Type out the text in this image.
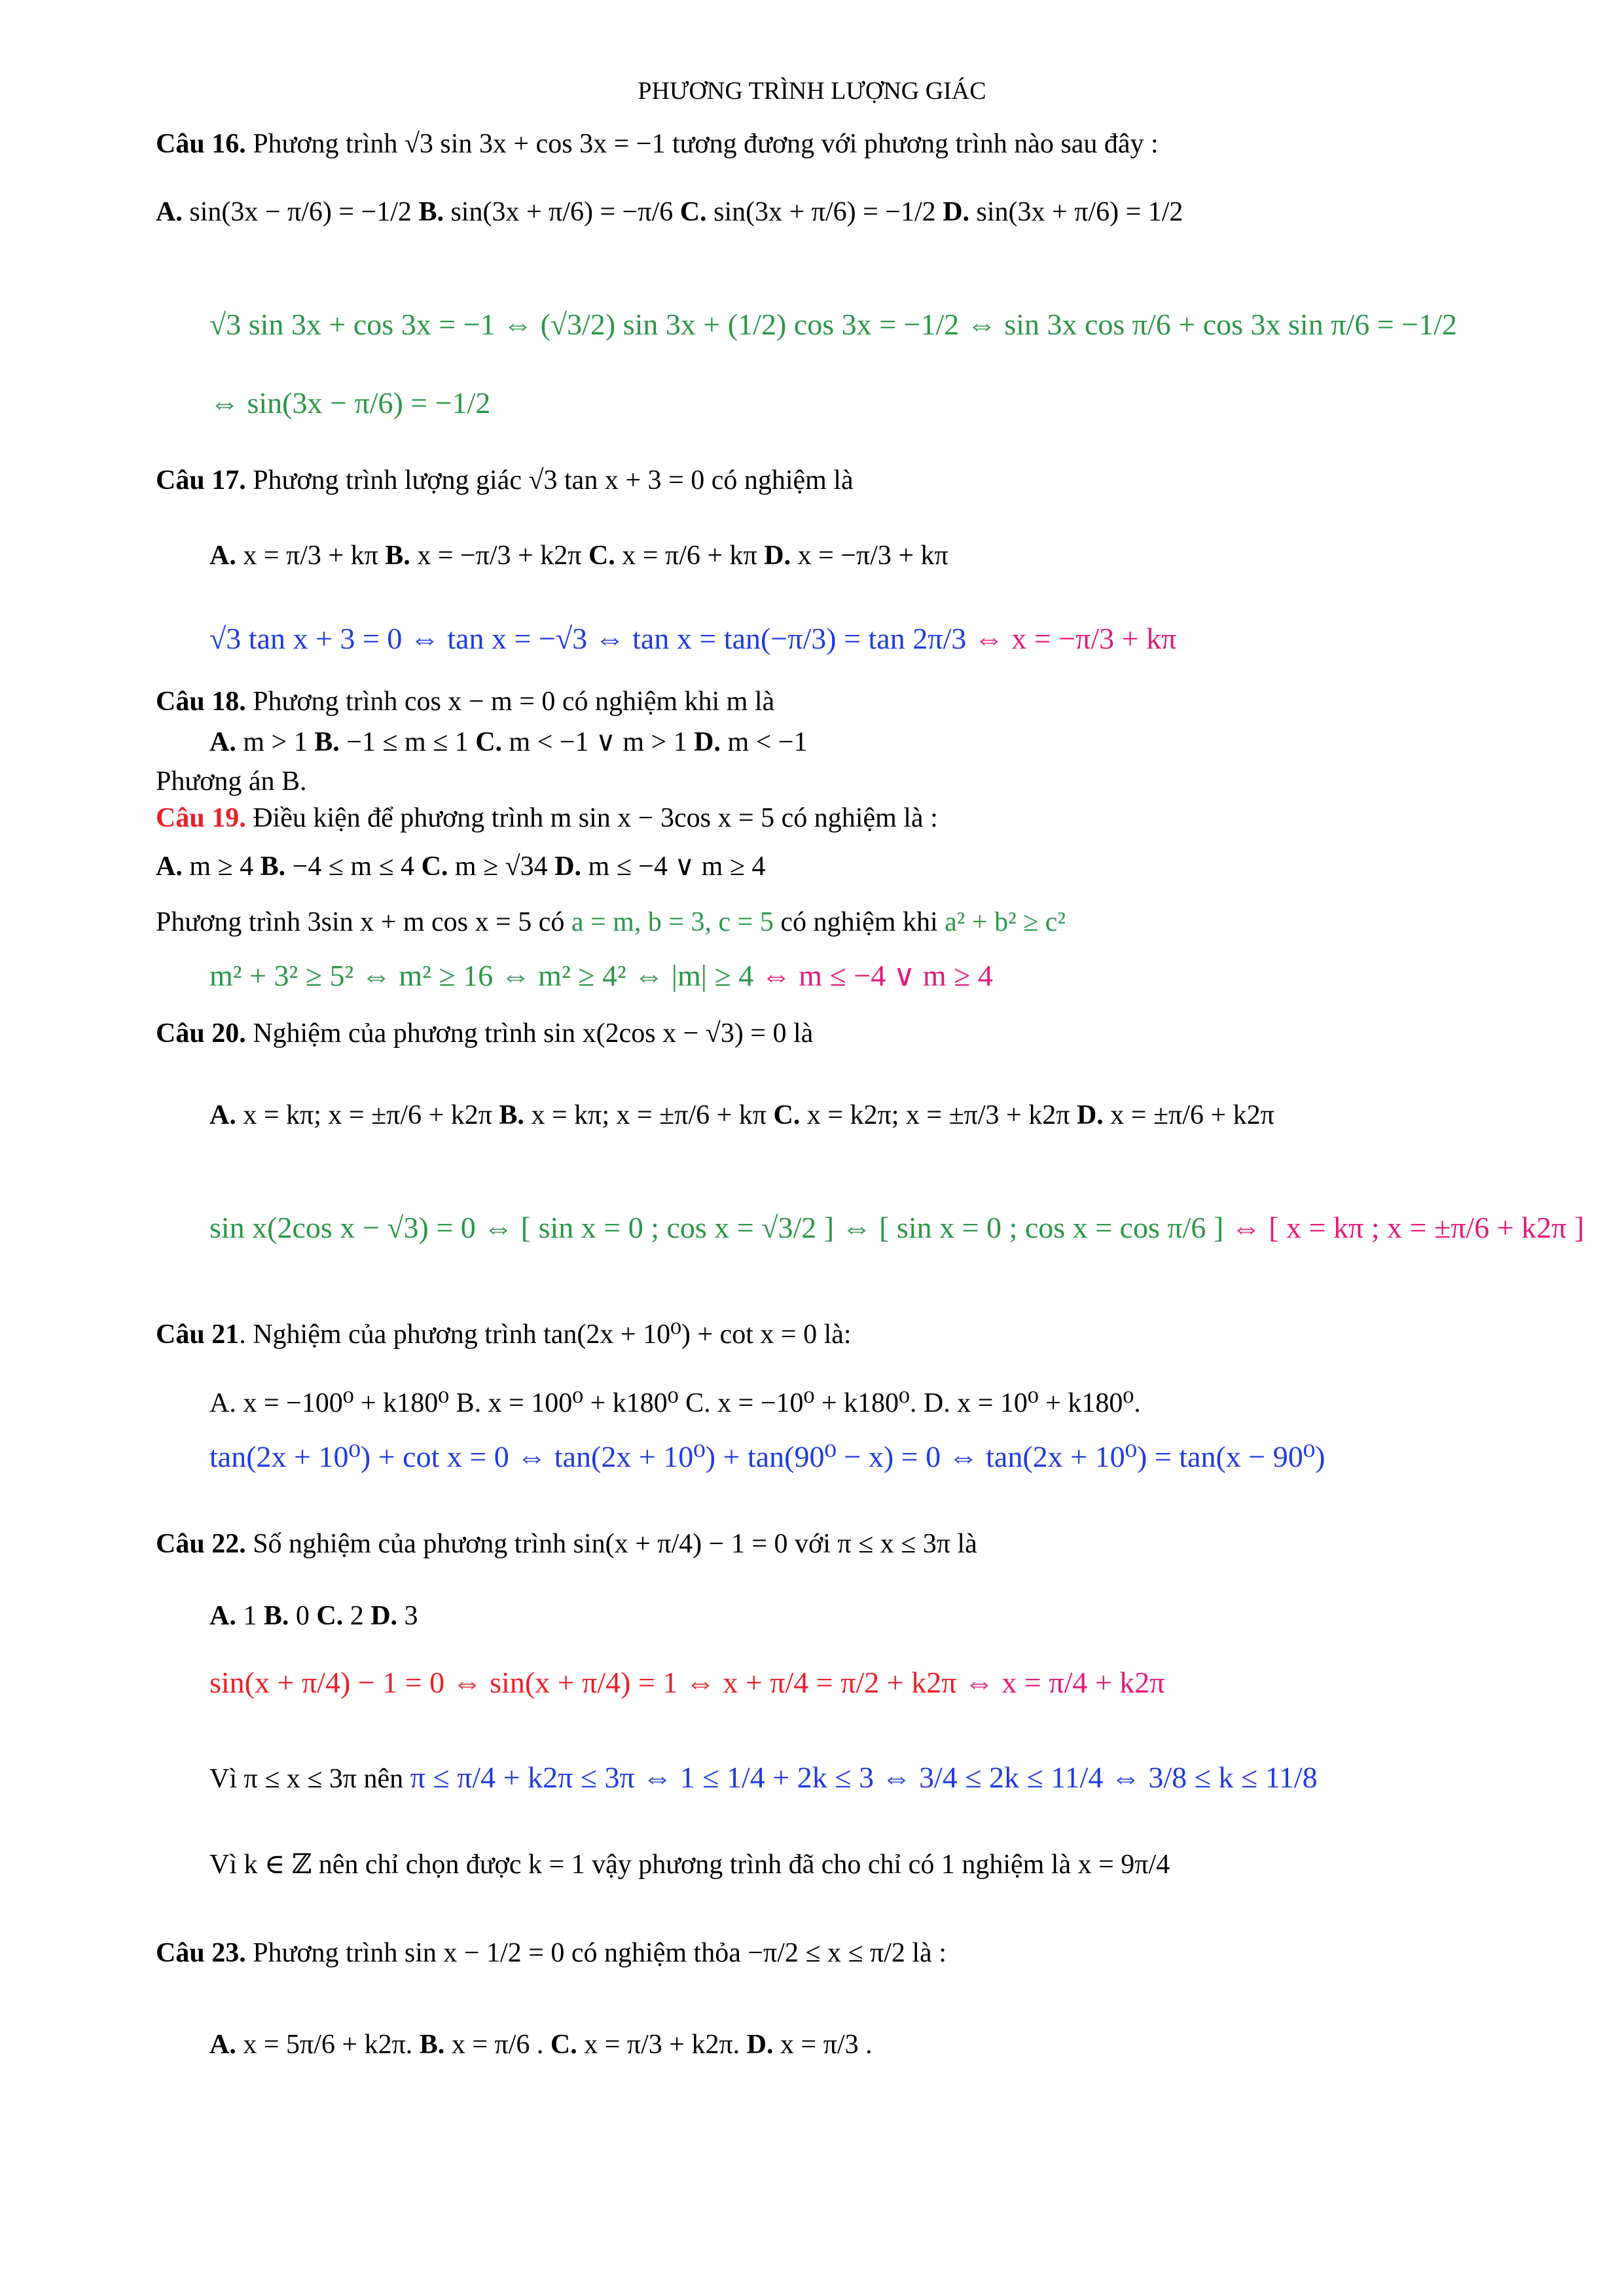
PHƯƠNG TRÌNH LƯỢNG GIÁC
Câu 16. Phương trình √3 sin 3x + cos 3x = −1 tương đương với phương trình nào sau đây :
A. sin(3x − π/6) = −1/2 B. sin(3x + π/6) = −π/6 C. sin(3x + π/6) = −1/2 D. sin(3x + π/6) = 1/2
√3 sin 3x + cos 3x = −1 ⇔ (√3/2) sin 3x + (1/2) cos 3x = −1/2 ⇔ sin 3x cos π/6 + cos 3x sin π/6 = −1/2
⇔ sin(3x − π/6) = −1/2
Câu 17. Phương trình lượng giác √3 tan x + 3 = 0 có nghiệm là
A. x = π/3 + kπ B. x = −π/3 + k2π C. x = π/6 + kπ D. x = −π/3 + kπ
√3 tan x + 3 = 0 ⇔ tan x = −√3 ⇔ tan x = tan(−π/3) = tan 2π/3 ⇔ x = −π/3 + kπ
Câu 18. Phương trình cos x − m = 0 có nghiệm khi m là
A. m > 1 B. −1 ≤ m ≤ 1 C. m < −1 ∨ m > 1 D. m < −1
Phương án B.
Câu 19. Điều kiện để phương trình m sin x − 3cos x = 5 có nghiệm là :
A. m ≥ 4 B. −4 ≤ m ≤ 4 C. m ≥ √34 D. m ≤ −4 ∨ m ≥ 4
Phương trình 3sin x + m cos x = 5 có a = m, b = 3, c = 5 có nghiệm khi a² + b² ≥ c²
m² + 3² ≥ 5² ⇔ m² ≥ 16 ⇔ m² ≥ 4² ⇔ |m| ≥ 4 ⇔ m ≤ −4 ∨ m ≥ 4
Câu 20. Nghiệm của phương trình sin x(2cos x − √3) = 0 là
A. x = kπ; x = ±π/6 + k2π B. x = kπ; x = ±π/6 + kπ C. x = k2π; x = ±π/3 + k2π D. x = ±π/6 + k2π
sin x(2cos x − √3) = 0 ⇔ [ sin x = 0 ; cos x = √3/2 ] ⇔ [ sin x = 0 ; cos x = cos π/6 ] ⇔ [ x = kπ ; x = ±π/6 + k2π ]
Câu 21. Nghiệm của phương trình tan(2x + 10⁰) + cot x = 0 là:
A. x = −100⁰ + k180⁰ B. x = 100⁰ + k180⁰ C. x = −10⁰ + k180⁰. D. x = 10⁰ + k180⁰.
tan(2x + 10⁰) + cot x = 0 ⇔ tan(2x + 10⁰) + tan(90⁰ − x) = 0 ⇔ tan(2x + 10⁰) = tan(x − 90⁰)
Câu 22. Số nghiệm của phương trình sin(x + π/4) − 1 = 0 với π ≤ x ≤ 3π là
A. 1 B. 0 C. 2 D. 3
sin(x + π/4) − 1 = 0 ⇔ sin(x + π/4) = 1 ⇔ x + π/4 = π/2 + k2π ⇔ x = π/4 + k2π
Vì π ≤ x ≤ 3π nên π ≤ π/4 + k2π ≤ 3π ⇔ 1 ≤ 1/4 + 2k ≤ 3 ⇔ 3/4 ≤ 2k ≤ 11/4 ⇔ 3/8 ≤ k ≤ 11/8
Vì k ∈ ℤ nên chỉ chọn được k = 1 vậy phương trình đã cho chỉ có 1 nghiệm là x = 9π/4
Câu 23. Phương trình sin x − 1/2 = 0 có nghiệm thỏa −π/2 ≤ x ≤ π/2 là :
A. x = 5π/6 + k2π. B. x = π/6 . C. x = π/3 + k2π. D. x = π/3 .
